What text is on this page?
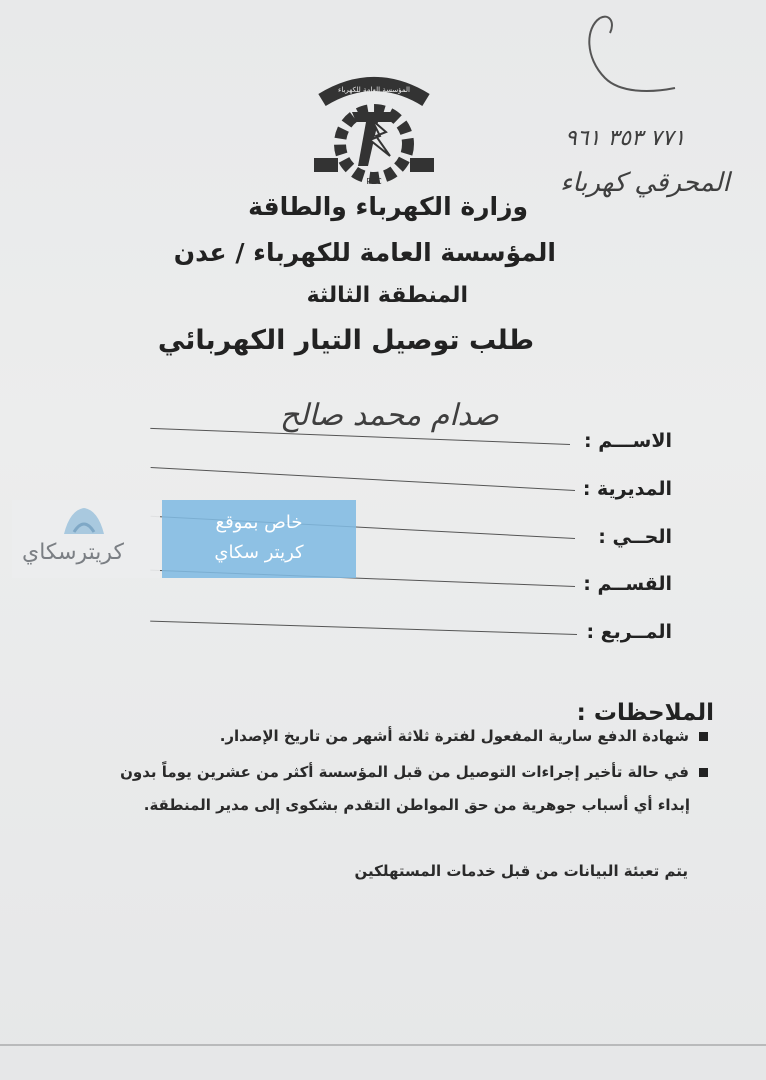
٧٧١ ٣٥٣ ٩٦١
المحرقي كهرباء
المؤسسة العامة للكهرباء
PEC
وزارة الكهرباء والطاقة
المؤسسة العامة للكهرباء / عدن
المنطقة الثالثة
طلب توصيل التيار الكهربائي
صدام محمد صالح
الاســـم :
المديرية :
الحــي :
القســم :
المــربع :
الملاحظات :
شهادة الدفع سارية المفعول لفترة ثلاثة أشهر من تاريخ الإصدار.
في حالة تأخير إجراءات التوصيل من قبل المؤسسة أكثر من عشرين يوماً بدون
إبداء أي أسباب جوهرية من حق المواطن التقدم بشكوى إلى مدير المنطقة.
يتم تعبئة البيانات من قبل خدمات المستهلكين
كريترسكاي
خاص بموقع
كريتر سكاي
